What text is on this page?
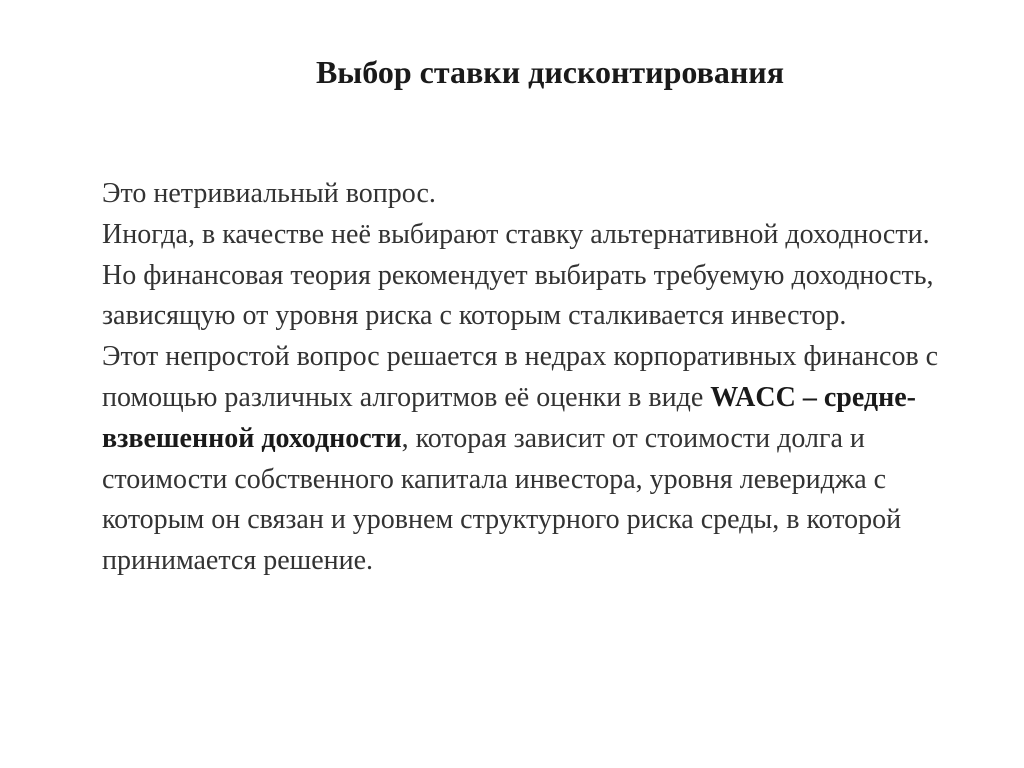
Выбор ставки дисконтирования
Это нетривиальный вопрос.
Иногда, в качестве неё выбирают ставку альтернативной доходности.
Но финансовая теория рекомендует выбирать требуемую доходность, зависящую от уровня риска с которым сталкивается инвестор.
Этот непростой вопрос решается в недрах корпоративных финансов с помощью различных алгоритмов её оценки в виде WACC – средне-взвешенной доходности, которая зависит от стоимости долга и стоимости собственного капитала инвестора, уровня левериджа с которым он связан и уровнем структурного риска среды, в которой принимается решение.
